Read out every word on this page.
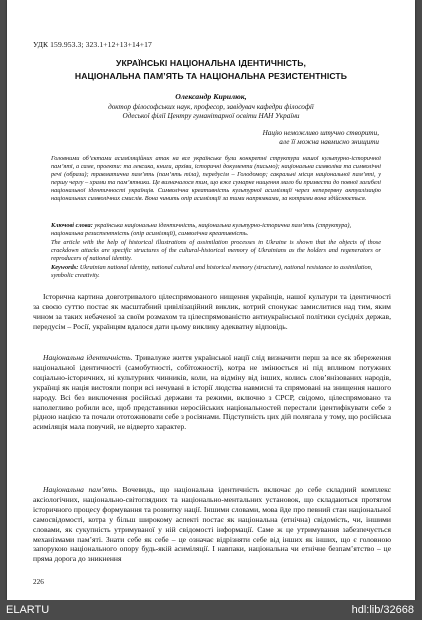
УДК 159.953.3; 323.1+12+13+14+17
УКРАЇНСЬКІ НАЦІОНАЛЬНА ІДЕНТИЧНІСТЬ,
НАЦІОНАЛЬНА ПАМ’ЯТЬ ТА НАЦІОНАЛЬНА РЕЗИСТЕНТНІСТЬ
Олександр Кирилюк,
доктор філософських наук, професор, завідувач кафедри філософії
Одеської філії Центру гуманітарної освіти НАН України
Націю неможливо штучно створити,
але її можна навмисно знищити
Головними об’єктами асиміляційних атак на все українське були конкретні структури нашої культурно-історичної пам’яті, а саме, проекти: та лексика, книги, архіви, історичні документи (письмо); національна символіка та символічні речі (образи); травматична пам’ять (пам’ять тіла), передусім – Голодомор; сакральні місця національної пам’яті, у першу чергу – храми та пам’ятники. Це визначалося тим, що вже сумарне нищення мало би призвести до повної загибелі національної ідентичності українців. Символічна креативність культурної асиміляції через неперервну актуалізацію національних символічних смислів. Вона чинить опір асиміляції за тими напрямками, за котрими вона здійснюється.
Ключові слова: українська національна ідентичність, національна культурно-історична пам’ять (структура), національна резистентність (опір асиміляції), символічна креативність.
The article with the help of historical illustrations of assimilation processes in Ukraine is shown that the objects of those crackdown attacks are specific structures of the cultural-historical memory of Ukrainians as the holders and regenerators or reproducers of national identity.
Keywords: Ukrainian national identity, national cultural and historical memory (structure), national resistance to assimilation, symbolic creativity.

Історична картина довготривалого цілеспрямованого нищення українців, нашої культури та ідентичності за своєю суттю постає як масштабний цивілізаційний виклик, котрий спонукає замислитися над тим, яким чином за таких небаченої за своїм розмахом та цілеспрямованістю антиукраїнської політики сусідніх держав, передусім – Росії, українцям вдалося дати цьому виклику адекватну відповідь.

Національна ідентичність. Тривалуже життя української нації слід визначити перш за все як збереження національної ідентичності (самобутності, собітожності), котра не змінюється ні під впливом потужних соціально-історичних, ні культурних чинників, коли, на відміну від інших, колись слов’янізованих народів, українці як нація вистояли попри всі нечувані в історії людства навмисні та спрямовані на знищення нашого народу. Всі без виключення російські держави та режими, включно з СРСР, свідомо, цілеспрямовано та наполегливо робили все, щоб представники неросійських національностей перестали ідентифікувати себе з рідною нацією та почали ототожнювати себе з росіянами. Підступність цих дій полягала у тому, що російська асиміляція мала повучий, не відверто характер.

Національна пам’ять. Вочевидь, що національна ідентичність включає до себе складний комплекс аксіологічних, національно-світоглядних та національно-ментальних установок, що складаються протягом історичного процесу формування та розвитку нації. Іншими словами, мова йде про певний стан національної самосвідомості, котра у більш широкому аспекті постає як національна (етнічна) свідомість, чи, іншими словами, як сукупність утримуваної у ній свідомості інформації. Саме ж це утримування забезпечується механізмами пам’яті. Знати себе як себе – це означає відрізняти себе від інших як інших, що є головною запорукою національного опору будь-якій асиміляції. І навпаки, національна чи етнічне безпам’ятство – це пряма дорога до зникнення

226
ELARTU	hdl:lib/32668
